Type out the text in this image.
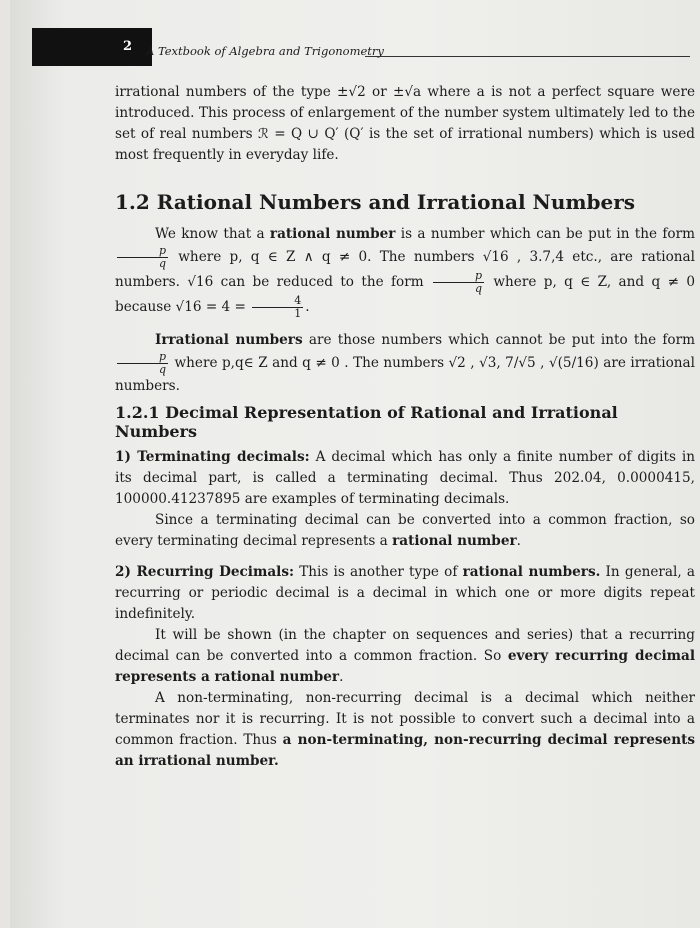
2	A Textbook of Algebra and Trigonometry

irrational numbers of the type ±√2 or ±√a where a is not a perfect square were introduced. This process of enlargement of the number system ultimately led to the set of real numbers ℛ = Q ∪ Q′ (Q′ is the set of irrational numbers) which is used most frequently in everyday life.

1.2 Rational Numbers and Irrational Numbers

We know that a rational number is a number which can be put in the form
$\frac{p}{q}$ where p, q ∈ Z ∧ q ≠ 0. The numbers √16 , 3.7,4 etc., are rational numbers. √16 can be reduced to the form $\frac{p}{q}$ where p, q ∈ Z, and q ≠ 0 because $√16 = 4 = \frac{4}{1}$ .

Irrational numbers are those numbers which cannot be put into the form
$\frac{p}{q}$ where p,q∈ Z and q ≠ 0 . The numbers √2 , √3, 7/√5 , √(5/16) are irrational numbers.

1.2.1 Decimal Representation of Rational and Irrational Numbers

1) Terminating decimals: A decimal which has only a finite number of digits in its decimal part, is called a terminating decimal. Thus 202.04, 0.0000415, 100000.41237895 are examples of terminating decimals.

Since a terminating decimal can be converted into a common fraction, so every terminating decimal represents a rational number.

2) Recurring Decimals: This is another type of rational numbers. In general, a recurring or periodic decimal is a decimal in which one or more digits repeat indefinitely.

It will be shown (in the chapter on sequences and series) that a recurring decimal can be converted into a common fraction. So every recurring decimal represents a rational number.

A non-terminating, non-recurring decimal is a decimal which neither terminates nor it is recurring. It is not possible to convert such a decimal into a common fraction. Thus a non-terminating, non-recurring decimal represents an irrational number.
